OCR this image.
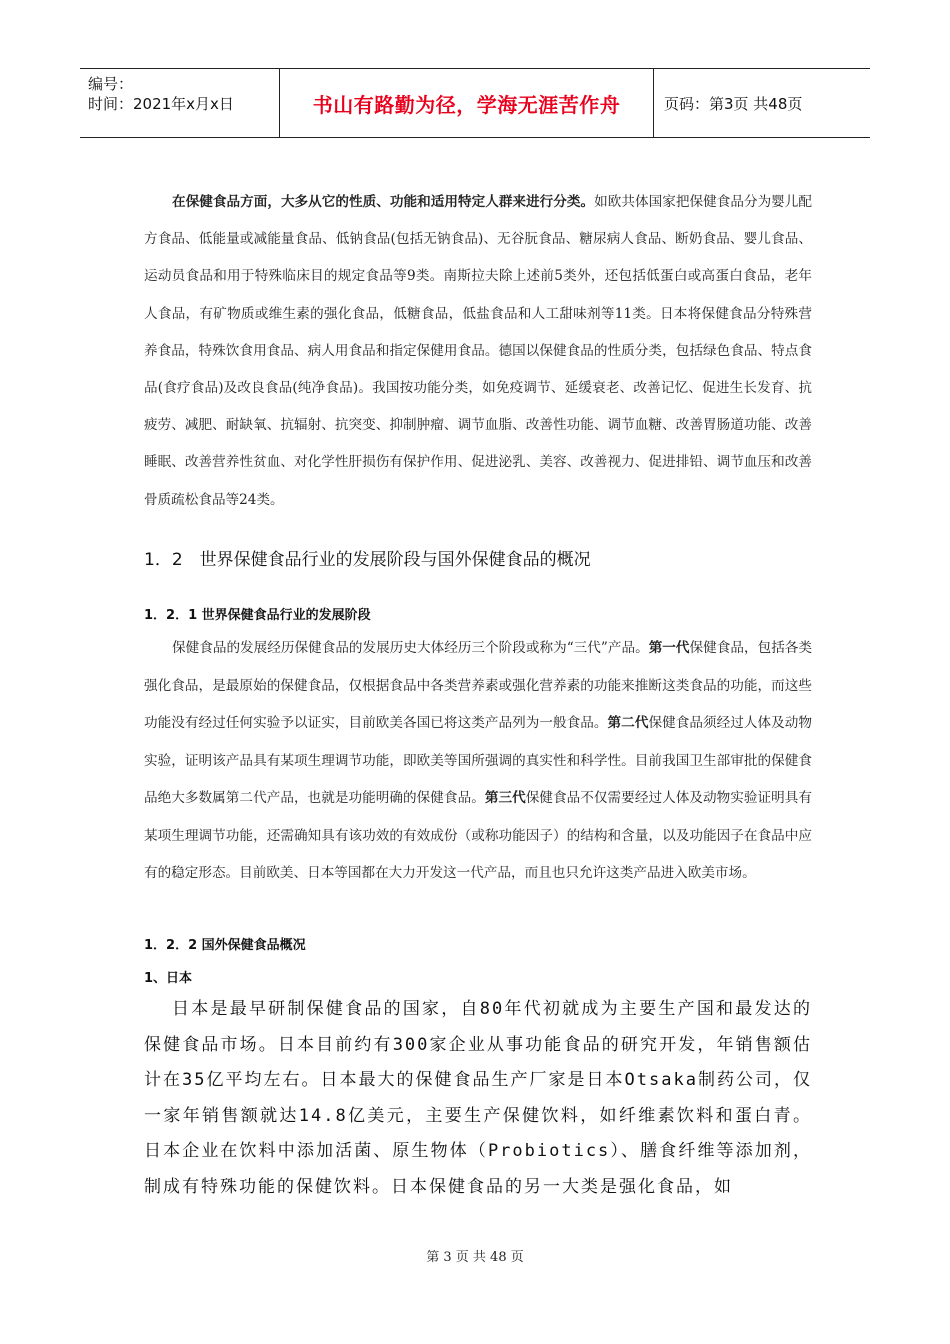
编号：
时间：2021年x月x日	书山有路勤为径，学海无涯苦作舟	页码：第3页 共48页
在保健食品方面，大多从它的性质、功能和适用特定人群来进行分类。如欧共体国家把保健食品分为婴儿配方食品、低能量或减能量食品、低钠食品(包括无钠食品)、无谷朊食品、糖尿病人食品、断奶食品、婴儿食品、运动员食品和用于特殊临床目的规定食品等9类。南斯拉夫除上述前5类外，还包括低蛋白或高蛋白食品，老年人食品，有矿物质或维生素的强化食品，低糖食品，低盐食品和人工甜味剂等11类。日本将保健食品分特殊营养食品，特殊饮食用食品、病人用食品和指定保健用食品。德国以保健食品的性质分类，包括绿色食品、特点食品(食疗食品)及改良食品(纯净食品)。我国按功能分类，如免疫调节、延缓衰老、改善记忆、促进生长发育、抗疲劳、减肥、耐缺氧、抗辐射、抗突变、抑制肿瘤、调节血脂、改善性功能、调节血糖、改善胃肠道功能、改善睡眠、改善营养性贫血、对化学性肝损伤有保护作用、促进泌乳、美容、改善视力、促进排铅、调节血压和改善骨质疏松食品等24类。
1．2　世界保健食品行业的发展阶段与国外保健食品的概况
1．2．1 世界保健食品行业的发展阶段
保健食品的发展经历保健食品的发展历史大体经历三个阶段或称为“三代”产品。第一代保健食品，包括各类强化食品，是最原始的保健食品，仅根据食品中各类营养素或强化营养素的功能来推断这类食品的功能，而这些功能没有经过任何实验予以证实，目前欧美各国已将这类产品列为一般食品。第二代保健食品须经过人体及动物实验，证明该产品具有某项生理调节功能，即欧美等国所强调的真实性和科学性。目前我国卫生部审批的保健食品绝大多数属第二代产品，也就是功能明确的保健食品。第三代保健食品不仅需要经过人体及动物实验证明具有某项生理调节功能，还需确知具有该功效的有效成份（或称功能因子）的结构和含量，以及功能因子在食品中应有的稳定形态。目前欧美、日本等国都在大力开发这一代产品，而且也只允许这类产品进入欧美市场。
1．2．2 国外保健食品概况
1、日本
日本是最早研制保健食品的国家，自80年代初就成为主要生产国和最发达的保健食品市场。日本目前约有300家企业从事功能食品的研究开发，年销售额估计在35亿平均左右。日本最大的保健食品生产厂家是日本Otsaka制药公司，仅一家年销售额就达14.8亿美元，主要生产保健饮料，如纤维素饮料和蛋白青。日本企业在饮料中添加活菌、原生物体（Probiotics）、膳食纤维等添加剂，制成有特殊功能的保健饮料。日本保健食品的另一大类是强化食品，如
第 3 页 共 48 页
